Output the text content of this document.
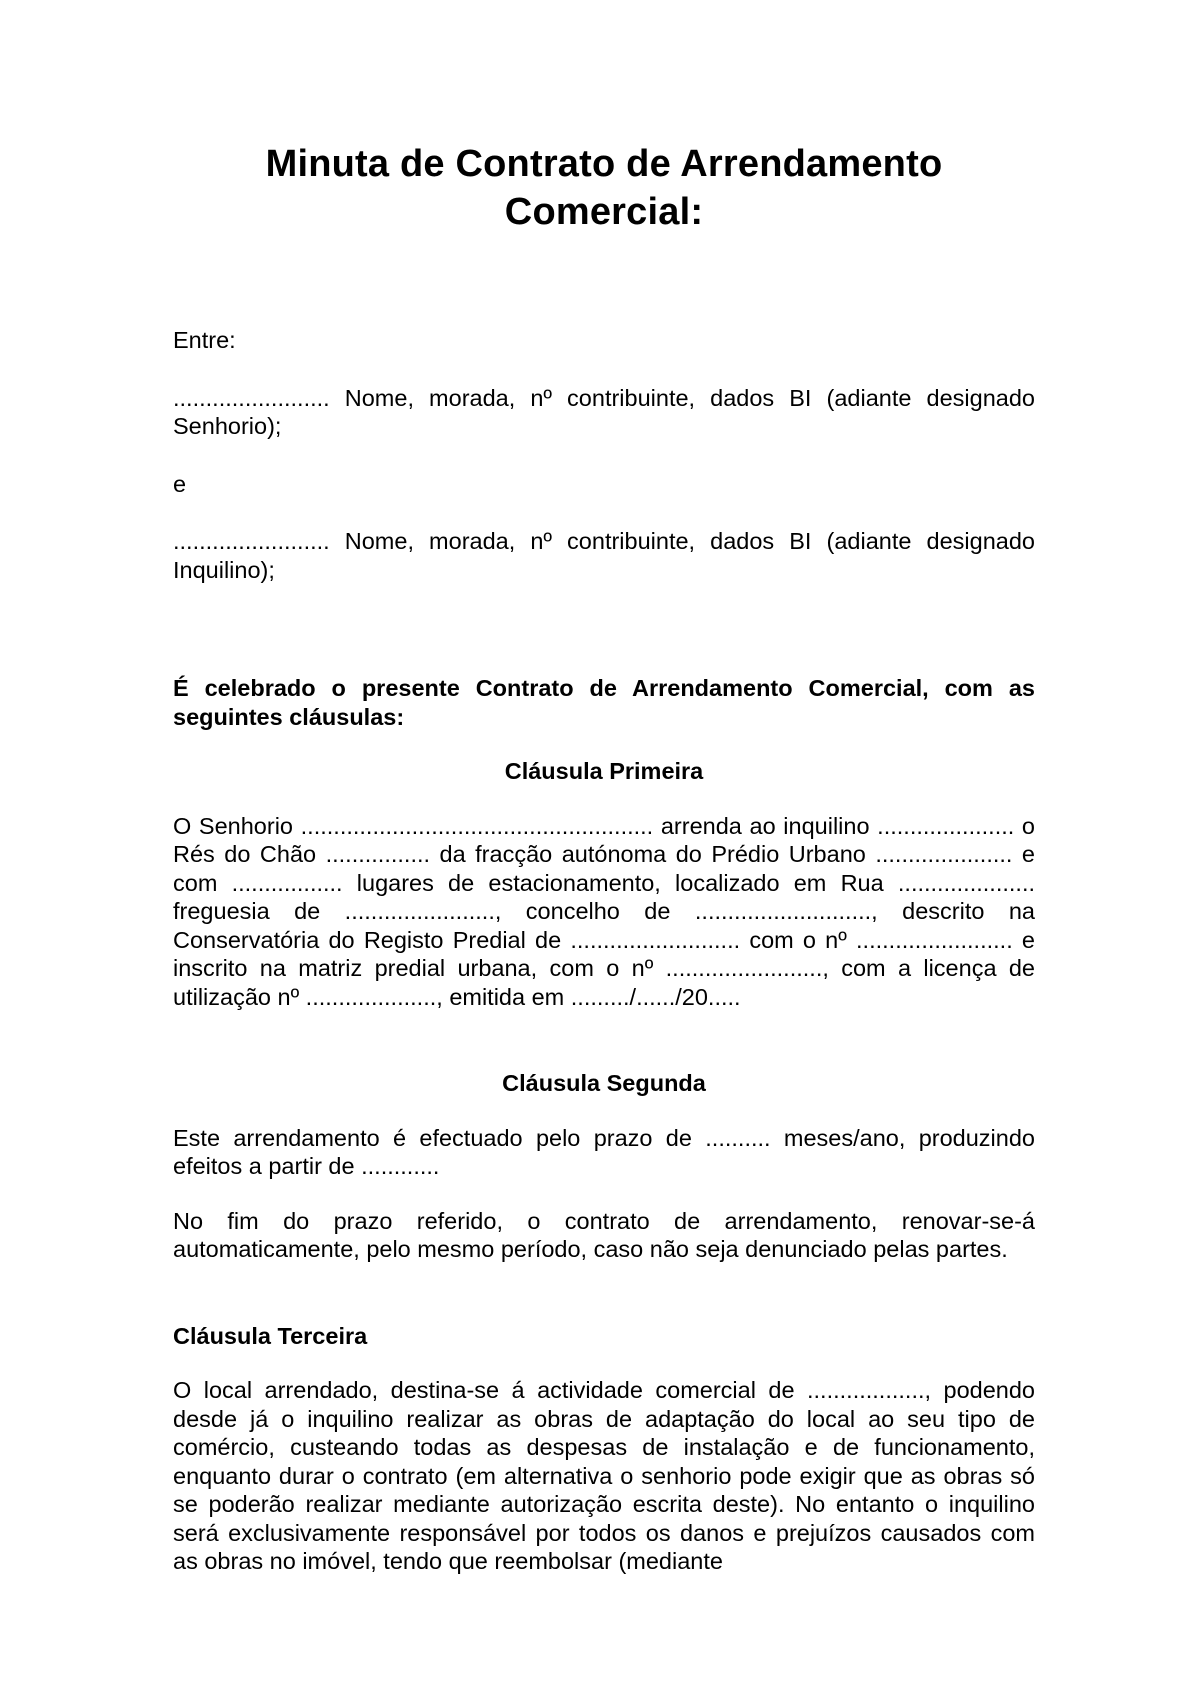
Minuta de Contrato de Arrendamento Comercial:

Entre:

........................ Nome, morada, nº contribuinte, dados BI (adiante designado Senhorio);

e

........................ Nome, morada, nº contribuinte, dados BI (adiante designado Inquilino);

É celebrado o presente Contrato de Arrendamento Comercial, com as seguintes cláusulas:

Cláusula Primeira

O Senhorio ...................................................... arrenda ao inquilino ..................... o Rés do Chão ................ da fracção autónoma do Prédio Urbano ..................... e com ................. lugares de estacionamento, localizado em Rua ..................... freguesia de ......................., concelho de ..........................., descrito na Conservatória do Registo Predial de .......................... com o nº ........................ e inscrito na matriz predial urbana, com o nº ........................, com a licença de utilização nº ...................., emitida em ........./....../20.....

Cláusula Segunda

Este arrendamento é efectuado pelo prazo de .......... meses/ano, produzindo efeitos a partir de ............

No fim do prazo referido, o contrato de arrendamento, renovar-se-á automaticamente, pelo mesmo período, caso não seja denunciado pelas partes.

Cláusula Terceira

O local arrendado, destina-se á actividade comercial de .................., podendo desde já o inquilino realizar as obras de adaptação do local ao seu tipo de comércio, custeando todas as despesas de instalação e de funcionamento, enquanto durar o contrato (em alternativa o senhorio pode exigir que as obras só se poderão realizar mediante autorização escrita deste). No entanto o inquilino será exclusivamente responsável por todos os danos e prejuízos causados com as obras no imóvel, tendo que reembolsar (mediante
